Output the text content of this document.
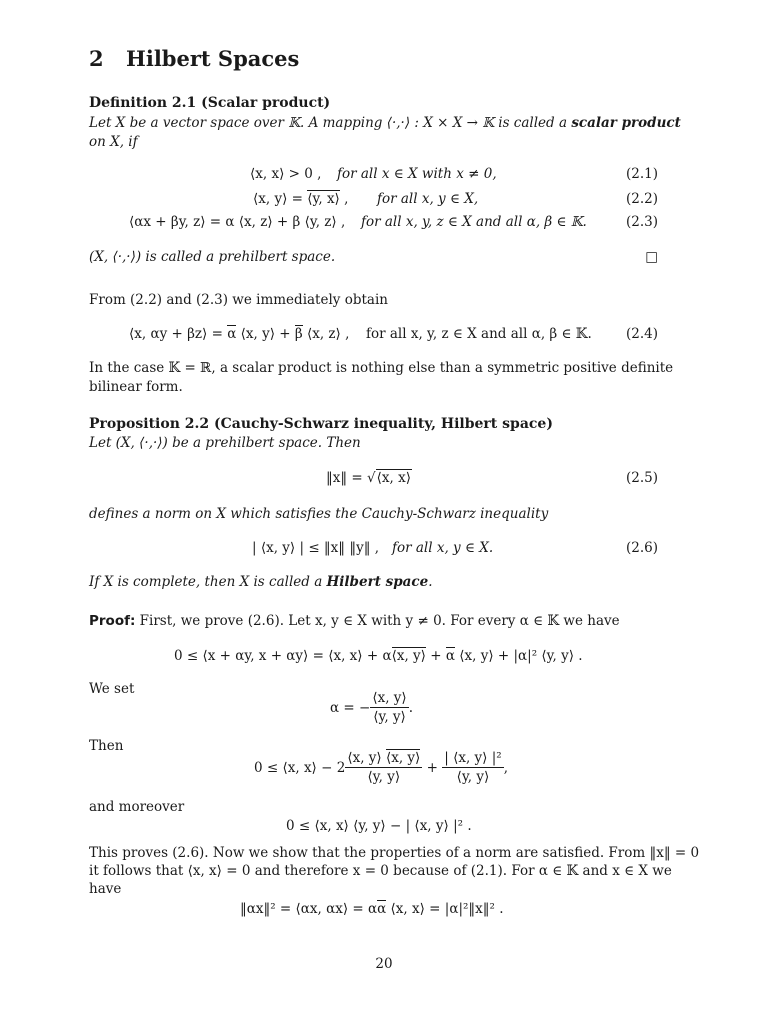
2 Hilbert Spaces
Definition 2.1 (Scalar product)
Let X be a vector space over 𝕂. A mapping ⟨·,·⟩ : X × X → 𝕂 is called a scalar product
on X, if
⟨x, x⟩ > 0 , for all x ∈ X with x ≠ 0,	(2.1)
⟨x, y⟩ = ⟨y, x⟩ , for all x, y ∈ X,	(2.2)
⟨αx + βy, z⟩ = α ⟨x, z⟩ + β ⟨y, z⟩ , for all x, y, z ∈ X and all α, β ∈ 𝕂.	(2.3)
(X, ⟨·,·⟩) is called a prehilbert space.	□
From (2.2) and (2.3) we immediately obtain
⟨x, αy + βz⟩ = α ⟨x, y⟩ + β ⟨x, z⟩ , for all x, y, z ∈ X and all α, β ∈ 𝕂.	(2.4)
In the case 𝕂 = ℝ, a scalar product is nothing else than a symmetric positive definite
bilinear form.
Proposition 2.2 (Cauchy-Schwarz inequality, Hilbert space)
Let (X, ⟨·,·⟩) be a prehilbert space. Then
‖x‖ = √⟨x, x⟩	(2.5)
defines a norm on X which satisfies the Cauchy-Schwarz inequality
| ⟨x, y⟩ | ≤ ‖x‖ ‖y‖ , for all x, y ∈ X.	(2.6)
If X is complete, then X is called a Hilbert space.
Proof: First, we prove (2.6). Let x, y ∈ X with y ≠ 0. For every α ∈ 𝕂 we have
0 ≤ ⟨x + αy, x + αy⟩ = ⟨x, x⟩ + α⟨x, y⟩ + α ⟨x, y⟩ + |α|² ⟨y, y⟩ .
We set
α = − $\frac{⟨x, y⟩}{⟨y, y⟩}$ .
Then
0 ≤ ⟨x, x⟩ − $2 \frac{⟨x, y⟩ ⟨x, y⟩}{⟨y, y⟩} + \frac{\text{| ⟨x, y⟩ |²}}{⟨y, y⟩}$ ,
and moreover
0 ≤ ⟨x, x⟩ ⟨y, y⟩ − | ⟨x, y⟩ |² .
This proves (2.6). Now we show that the properties of a norm are satisfied. From ‖x‖ = 0
it follows that ⟨x, x⟩ = 0 and therefore x = 0 because of (2.1). For α ∈ 𝕂 and x ∈ X we
have
‖αx‖² = ⟨αx, αx⟩ = αα ⟨x, x⟩ = |α|²‖x‖² .
20
